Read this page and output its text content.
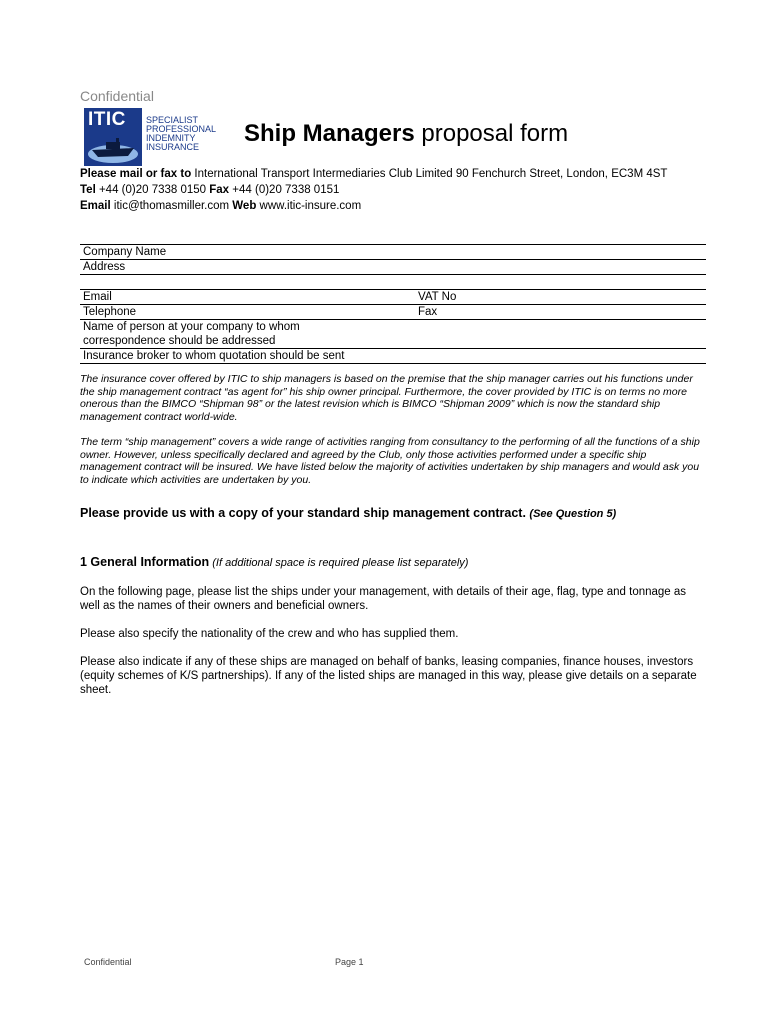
Confidential
ITIC SPECIALIST
PROFESSIONAL
INDEMNITY
INSURANCE	Ship Managers proposal form
Please mail or fax to International Transport Intermediaries Club Limited 90 Fenchurch Street, London, EC3M 4ST
Tel +44 (0)20 7338 0150 Fax +44 (0)20 7338 0151
Email itic@thomasmiller.com Web www.itic-insure.com
Company Name
Address
Email	VAT No
Telephone	Fax
Name of person at your company to whom
correspondence should be addressed
Insurance broker to whom quotation should be sent
The insurance cover offered by ITIC to ship managers is based on the premise that the ship manager carries out his functions under the ship management contract “as agent for” his ship owner principal. Furthermore, the cover provided by ITIC is on terms no more onerous than the BIMCO “Shipman 98” or the latest revision which is BIMCO “Shipman 2009” which is now the standard ship management contract world-wide.
The term “ship management” covers a wide range of activities ranging from consultancy to the performing of all the functions of a ship owner. However, unless specifically declared and agreed by the Club, only those activities performed under a specific ship management contract will be insured. We have listed below the majority of activities undertaken by ship managers and would ask you to indicate which activities are undertaken by you.
Please provide us with a copy of your standard ship management contract. (See Question 5)
1 General Information (If additional space is required please list separately)
On the following page, please list the ships under your management, with details of their age, flag, type and tonnage as well as the names of their owners and beneficial owners.
Please also specify the nationality of the crew and who has supplied them.
Please also indicate if any of these ships are managed on behalf of banks, leasing companies, finance houses, investors (equity schemes of K/S partnerships). If any of the listed ships are managed in this way, please give details on a separate sheet.
Confidential	Page 1
